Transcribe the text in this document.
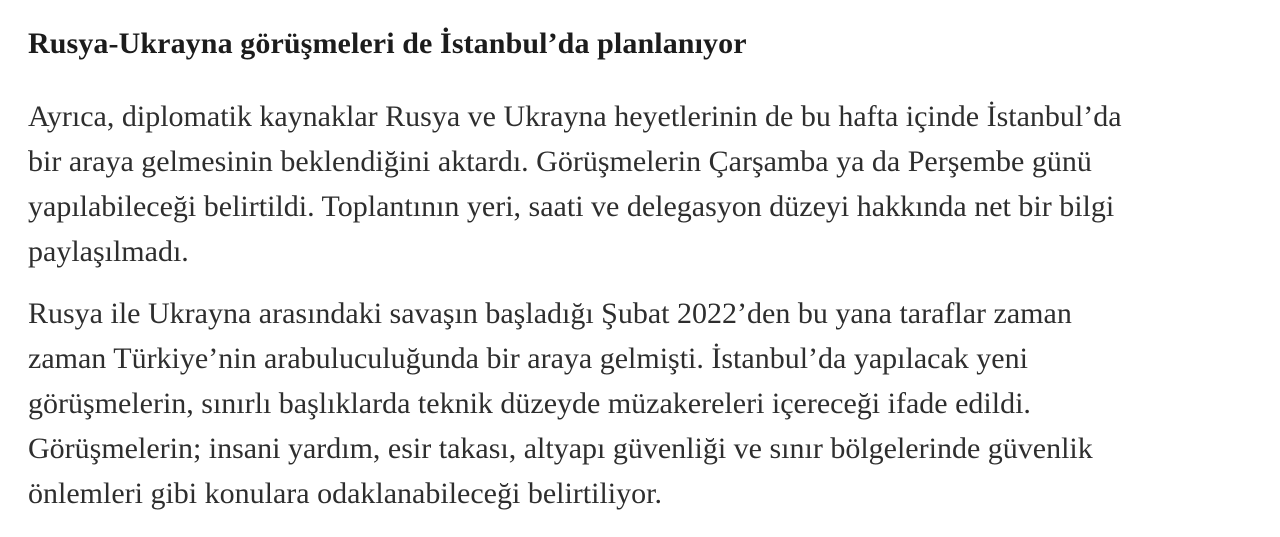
Rusya-Ukrayna görüşmeleri de İstanbul’da planlanıyor

Ayrıca, diplomatik kaynaklar Rusya ve Ukrayna heyetlerinin de bu hafta içinde İstanbul’da
bir araya gelmesinin beklendiğini aktardı. Görüşmelerin Çarşamba ya da Perşembe günü
yapılabileceği belirtildi. Toplantının yeri, saati ve delegasyon düzeyi hakkında net bir bilgi
paylaşılmadı.

Rusya ile Ukrayna arasındaki savaşın başladığı Şubat 2022’den bu yana taraflar zaman
zaman Türkiye’nin arabuluculuğunda bir araya gelmişti. İstanbul’da yapılacak yeni
görüşmelerin, sınırlı başlıklarda teknik düzeyde müzakereleri içereceği ifade edildi.
Görüşmelerin; insani yardım, esir takası, altyapı güvenliği ve sınır bölgelerinde güvenlik
önlemleri gibi konulara odaklanabileceği belirtiliyor.
